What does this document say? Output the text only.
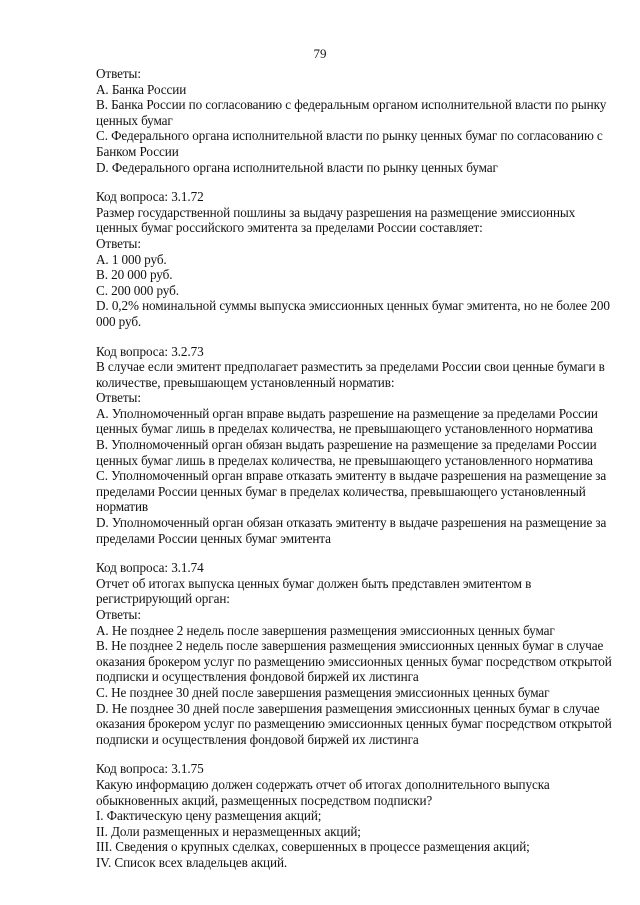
79
Ответы:
A. Банка России
B. Банка России по согласованию с федеральным органом исполнительной власти по рынку
ценных бумаг
C. Федерального органа исполнительной власти по рынку ценных бумаг по согласованию с
Банком России
D. Федерального органа исполнительной власти по рынку ценных бумаг
Код вопроса: 3.1.72
Размер государственной пошлины за выдачу разрешения на размещение эмиссионных
ценных бумаг российского эмитента за пределами России составляет:
Ответы:
A. 1 000 руб.
B. 20 000 руб.
C. 200 000 руб.
D. 0,2% номинальной суммы выпуска эмиссионных ценных бумаг эмитента, но не более 200
000 руб.
Код вопроса: 3.2.73
В случае если эмитент предполагает разместить за пределами России свои ценные бумаги в
количестве, превышающем установленный норматив:
Ответы:
A. Уполномоченный орган вправе выдать разрешение на размещение за пределами России
ценных бумаг лишь в пределах количества, не превышающего установленного норматива
B. Уполномоченный орган обязан выдать разрешение на размещение за пределами России
ценных бумаг лишь в пределах количества, не превышающего установленного норматива
C. Уполномоченный орган вправе отказать эмитенту в выдаче разрешения на размещение за
пределами России ценных бумаг в пределах количества, превышающего установленный
норматив
D. Уполномоченный орган обязан отказать эмитенту в выдаче разрешения на размещение за
пределами России ценных бумаг эмитента
Код вопроса: 3.1.74
Отчет об итогах выпуска ценных бумаг должен быть представлен эмитентом в
регистрирующий орган:
Ответы:
A. Не позднее 2 недель после завершения размещения эмиссионных ценных бумаг
B. Не позднее 2 недель после завершения размещения эмиссионных ценных бумаг в случае
оказания брокером услуг по размещению эмиссионных ценных бумаг посредством открытой
подписки и осуществления фондовой биржей их листинга
C. Не позднее 30 дней после завершения размещения эмиссионных ценных бумаг
D. Не позднее 30 дней после завершения размещения эмиссионных ценных бумаг в случае
оказания брокером услуг по размещению эмиссионных ценных бумаг посредством открытой
подписки и осуществления фондовой биржей их листинга
Код вопроса: 3.1.75
Какую информацию должен содержать отчет об итогах дополнительного выпуска
обыкновенных акций, размещенных посредством подписки?
I. Фактическую цену размещения акций;
II. Доли размещенных и неразмещенных акций;
III. Сведения о крупных сделках, совершенных в процессе размещения акций;
IV. Список всех владельцев акций.
